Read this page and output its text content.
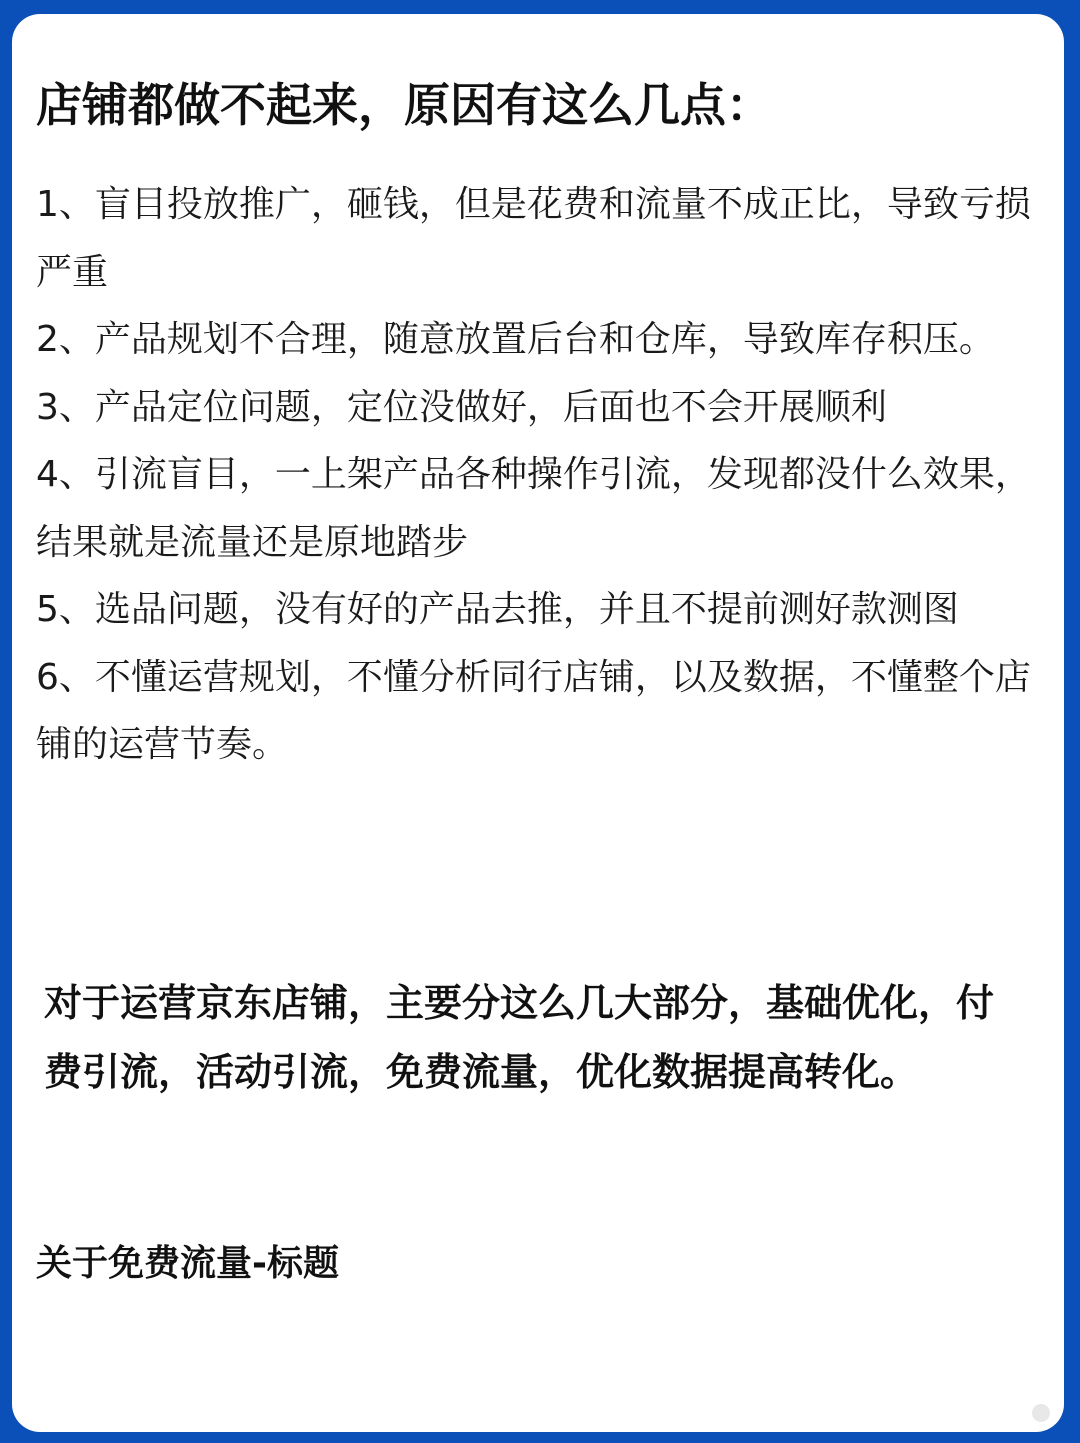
店铺都做不起来，原因有这么几点：
1、盲目投放推广，砸钱，但是花费和流量不成正比，导致亏损严重
2、产品规划不合理，随意放置后台和仓库，导致库存积压。
3、产品定位问题，定位没做好，后面也不会开展顺利
4、引流盲目，一上架产品各种操作引流，发现都没什么效果，结果就是流量还是原地踏步
5、选品问题，没有好的产品去推，并且不提前测好款测图
6、不懂运营规划，不懂分析同行店铺，以及数据，不懂整个店铺的运营节奏。

对于运营京东店铺，主要分这么几大部分，基础优化，付费引流，活动引流，免费流量，优化数据提高转化。

关于免费流量-标题
